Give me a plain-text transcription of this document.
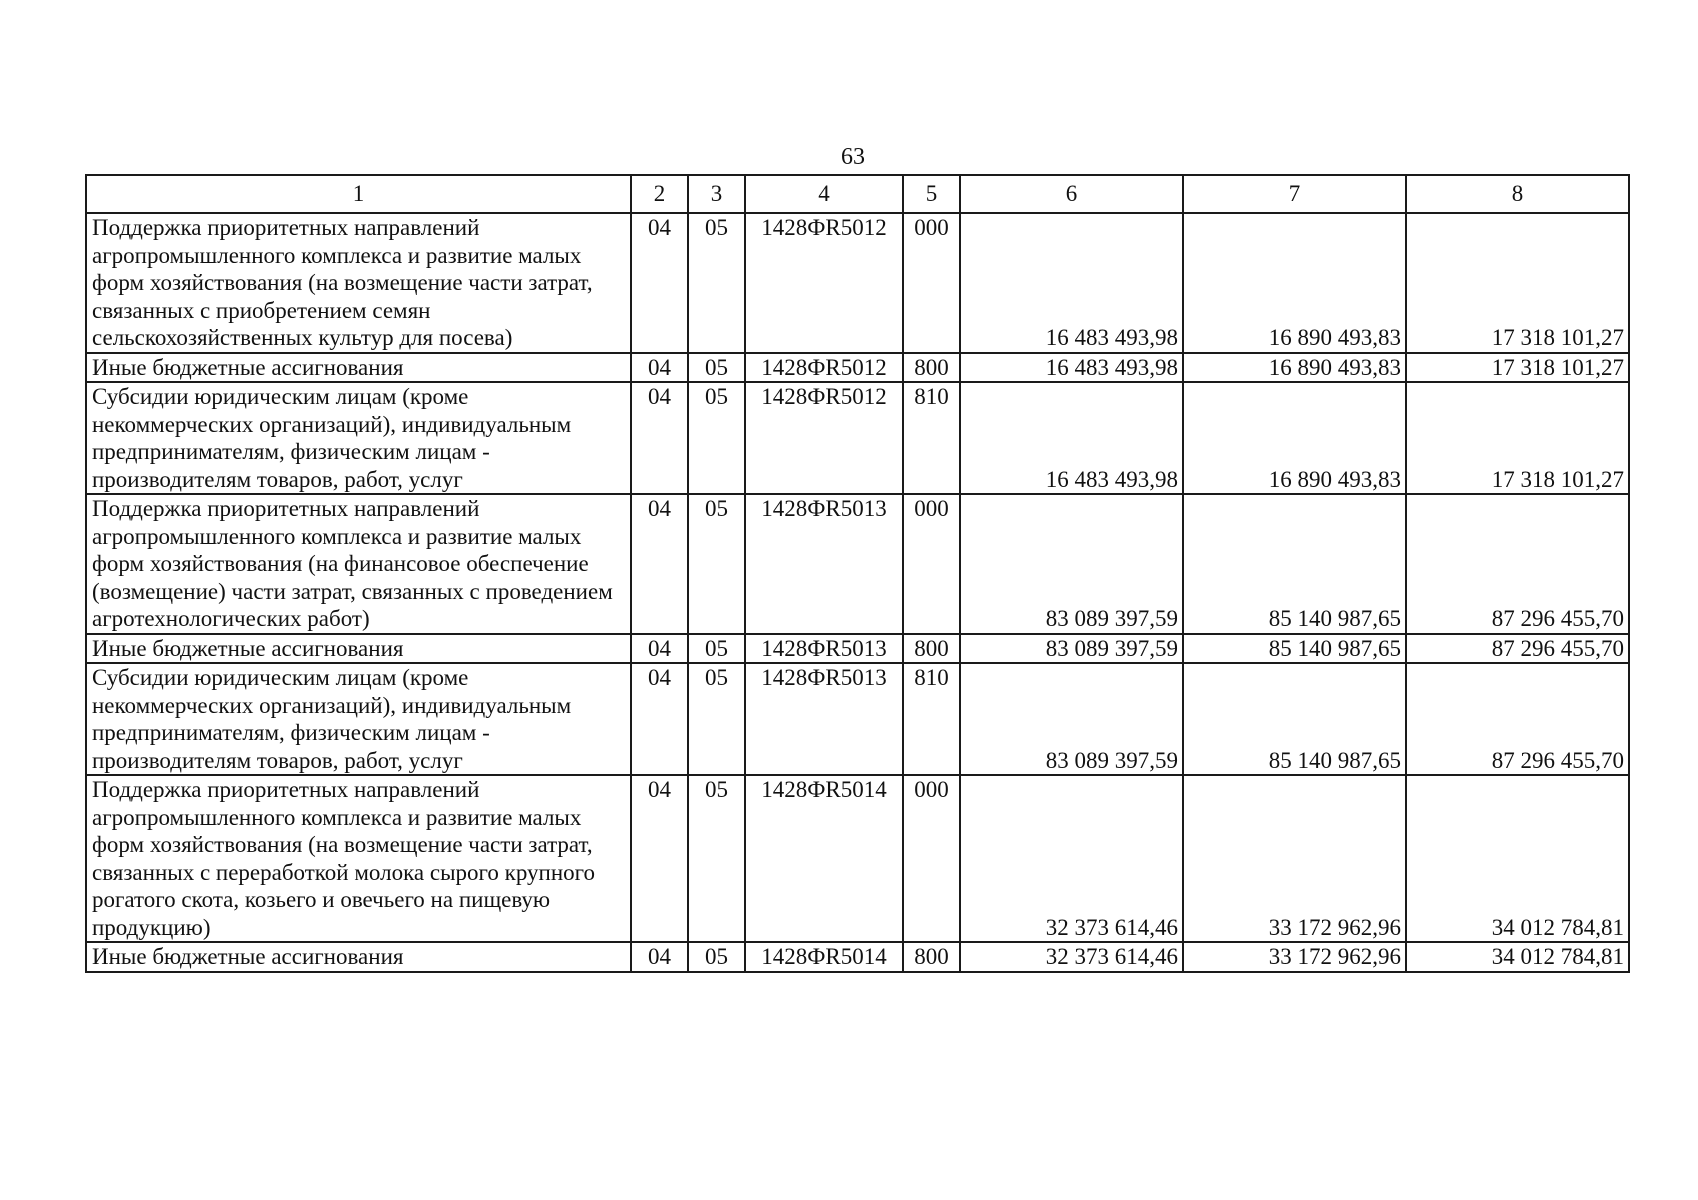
63
1	2	3	4	5	6	7	8
Поддержка приоритетных направлений агропромышленного комплекса и развитие малых форм хозяйствования (на возмещение части затрат, связанных с приобретением семян сельскохозяйственных культур для посева)	04	05	1428ФR5012	000	16 483 493,98	16 890 493,83	17 318 101,27
Иные бюджетные ассигнования	04	05	1428ФR5012	800	16 483 493,98	16 890 493,83	17 318 101,27
Субсидии юридическим лицам (кроме некоммерческих организаций), индивидуальным предпринимателям, физическим лицам - производителям товаров, работ, услуг	04	05	1428ФR5012	810	16 483 493,98	16 890 493,83	17 318 101,27
Поддержка приоритетных направлений агропромышленного комплекса и развитие малых форм хозяйствования (на финансовое обеспечение (возмещение) части затрат, связанных с проведением агротехнологических работ)	04	05	1428ФR5013	000	83 089 397,59	85 140 987,65	87 296 455,70
Иные бюджетные ассигнования	04	05	1428ФR5013	800	83 089 397,59	85 140 987,65	87 296 455,70
Субсидии юридическим лицам (кроме некоммерческих организаций), индивидуальным предпринимателям, физическим лицам - производителям товаров, работ, услуг	04	05	1428ФR5013	810	83 089 397,59	85 140 987,65	87 296 455,70
Поддержка приоритетных направлений агропромышленного комплекса и развитие малых форм хозяйствования (на возмещение части затрат, связанных с переработкой молока сырого крупного рогатого скота, козьего и овечьего на пищевую продукцию)	04	05	1428ФR5014	000	32 373 614,46	33 172 962,96	34 012 784,81
Иные бюджетные ассигнования	04	05	1428ФR5014	800	32 373 614,46	33 172 962,96	34 012 784,81
